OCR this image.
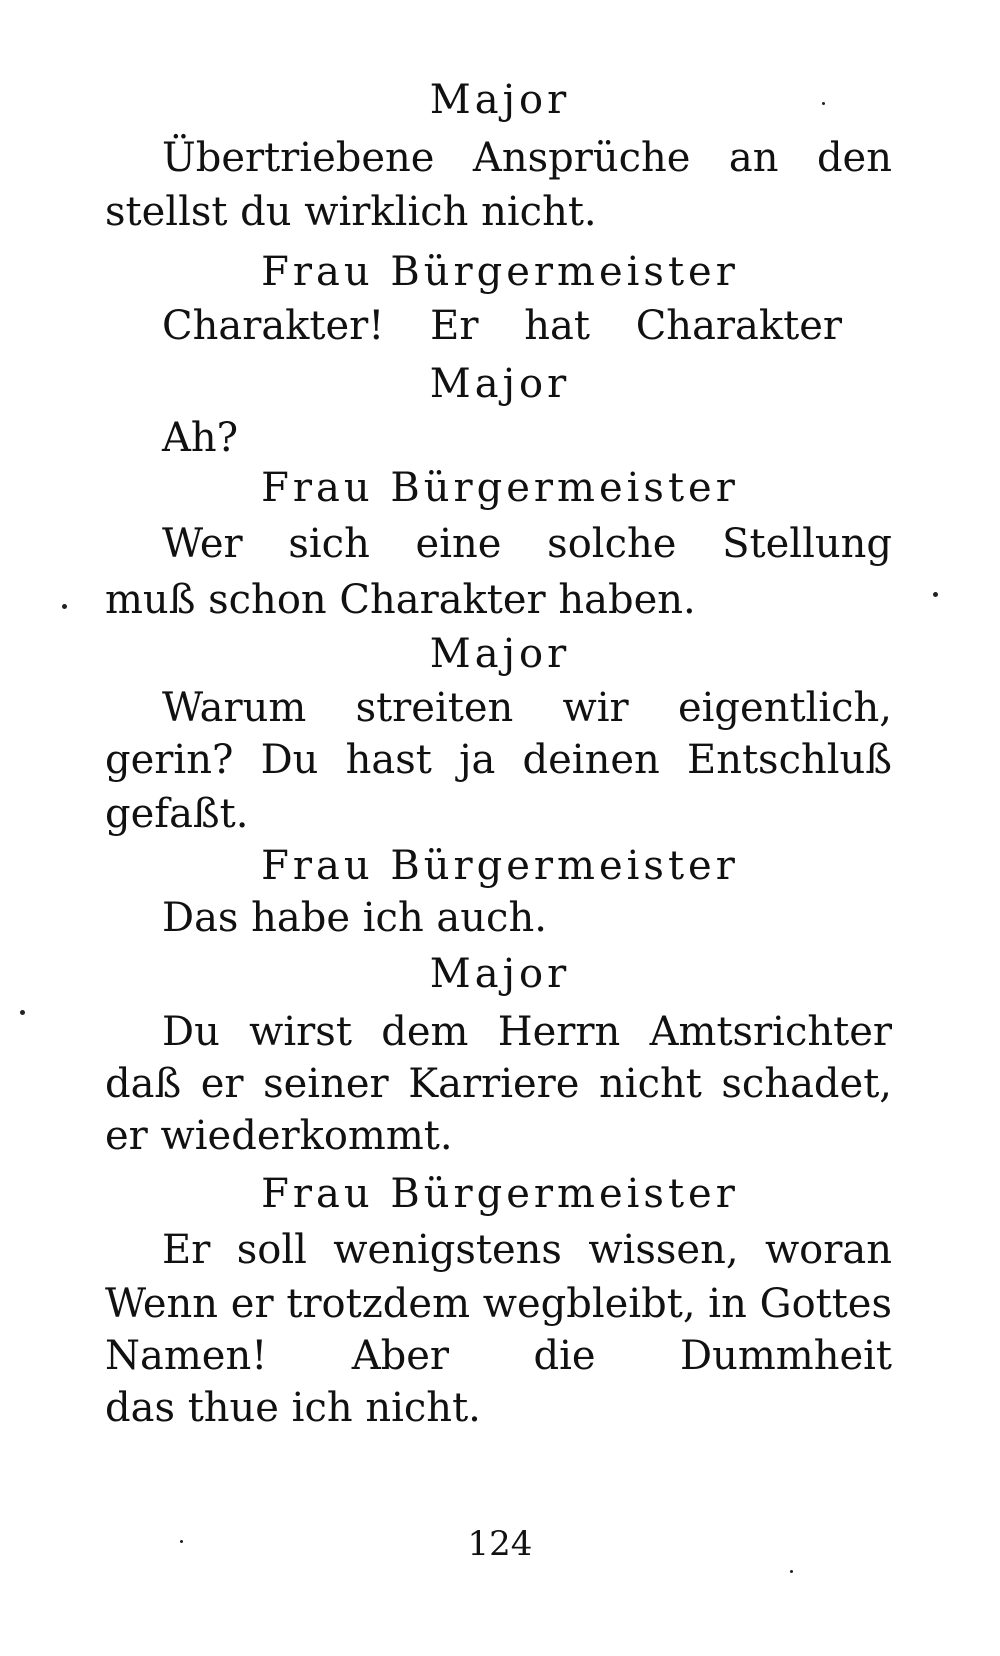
Major
Übertriebene Ansprüche an den
stellst du wirklich nicht.
Frau Bürgermeister
Charakter! Er hat Charakter
Major
Ah?
Frau Bürgermeister
Wer sich eine solche Stellung
muß schon Charakter haben.
Major
Warum streiten wir eigentlich,
gerin? Du hast ja deinen Entschluß
gefaßt.
Frau Bürgermeister
Das habe ich auch.
Major
Du wirst dem Herrn Amtsrichter
daß er seiner Karriere nicht schadet,
er wiederkommt.
Frau Bürgermeister
Er soll wenigstens wissen, woran
Wenn er trotzdem wegbleibt, in Gottes
Namen! Aber die Dummheit
das thue ich nicht.
124
